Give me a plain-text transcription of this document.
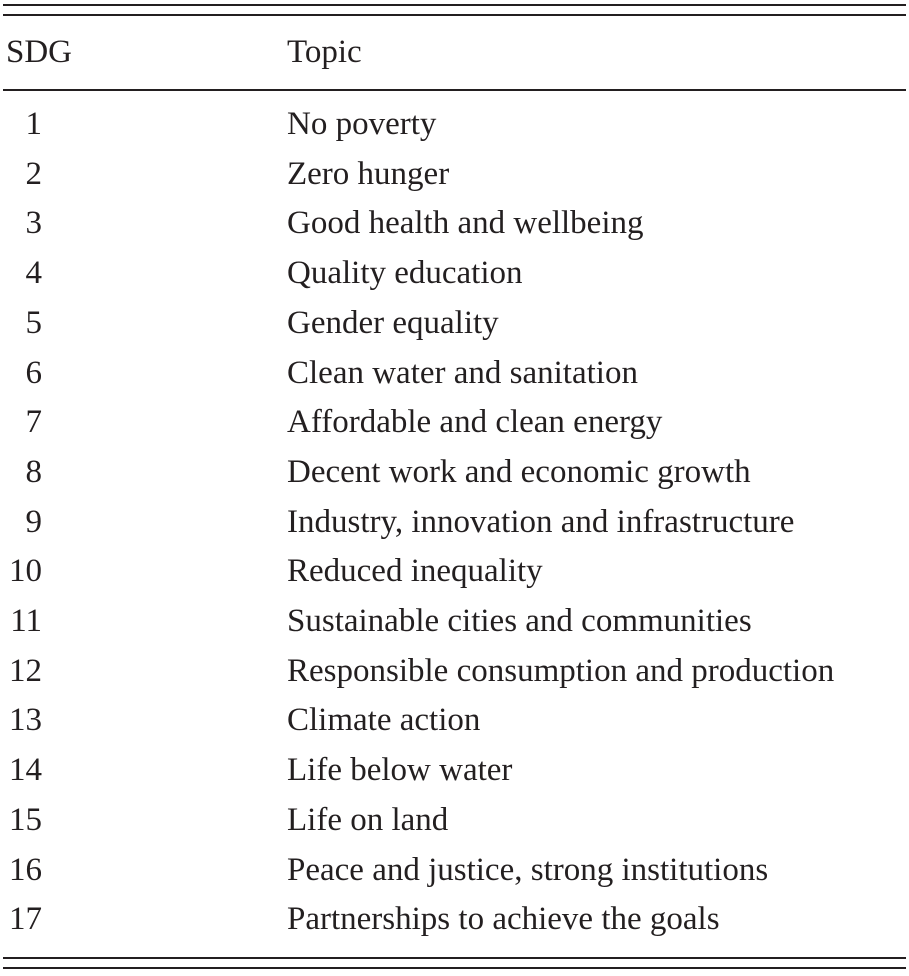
SDG	Topic
1	No poverty
2	Zero hunger
3	Good health and wellbeing
4	Quality education
5	Gender equality
6	Clean water and sanitation
7	Affordable and clean energy
8	Decent work and economic growth
9	Industry, innovation and infrastructure
10	Reduced inequality
11	Sustainable cities and communities
12	Responsible consumption and production
13	Climate action
14	Life below water
15	Life on land
16	Peace and justice, strong institutions
17	Partnerships to achieve the goals
